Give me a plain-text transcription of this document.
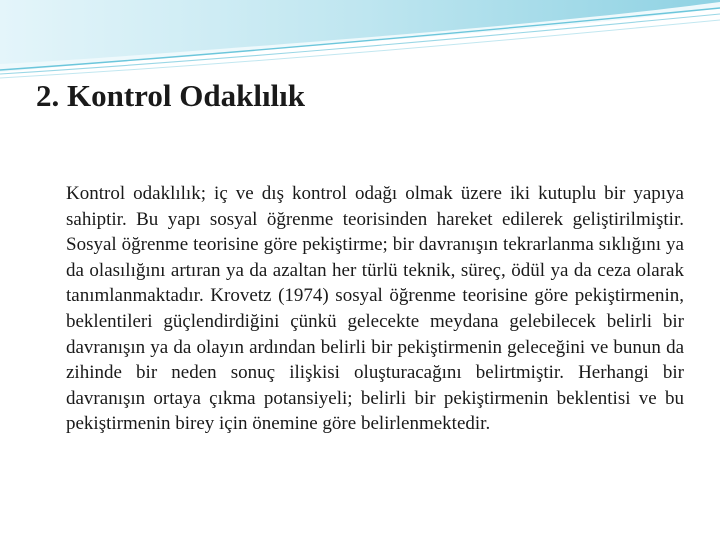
2. Kontrol Odaklılık

Kontrol odaklılık; iç ve dış kontrol odağı olmak üzere iki kutuplu bir yapıya sahiptir. Bu yapı sosyal öğrenme teorisinden hareket edilerek geliştirilmiştir. Sosyal öğrenme teorisine göre pekiştirme; bir davranışın tekrarlanma sıklığını ya da olasılığını artıran ya da azaltan her türlü teknik, süreç, ödül ya da ceza olarak tanımlanmaktadır. Krovetz (1974) sosyal öğrenme teorisine göre pekiştirmenin, beklentileri güçlendirdiğini çünkü gelecekte meydana gelebilecek belirli bir davranışın ya da olayın ardından belirli bir pekiştirmenin geleceğini ve bunun da zihinde bir neden sonuç ilişkisi oluşturacağını belirtmiştir. Herhangi bir davranışın ortaya çıkma potansiyeli; belirli bir pekiştirmenin beklentisi ve bu pekiştirmenin birey için önemine göre belirlenmektedir.
